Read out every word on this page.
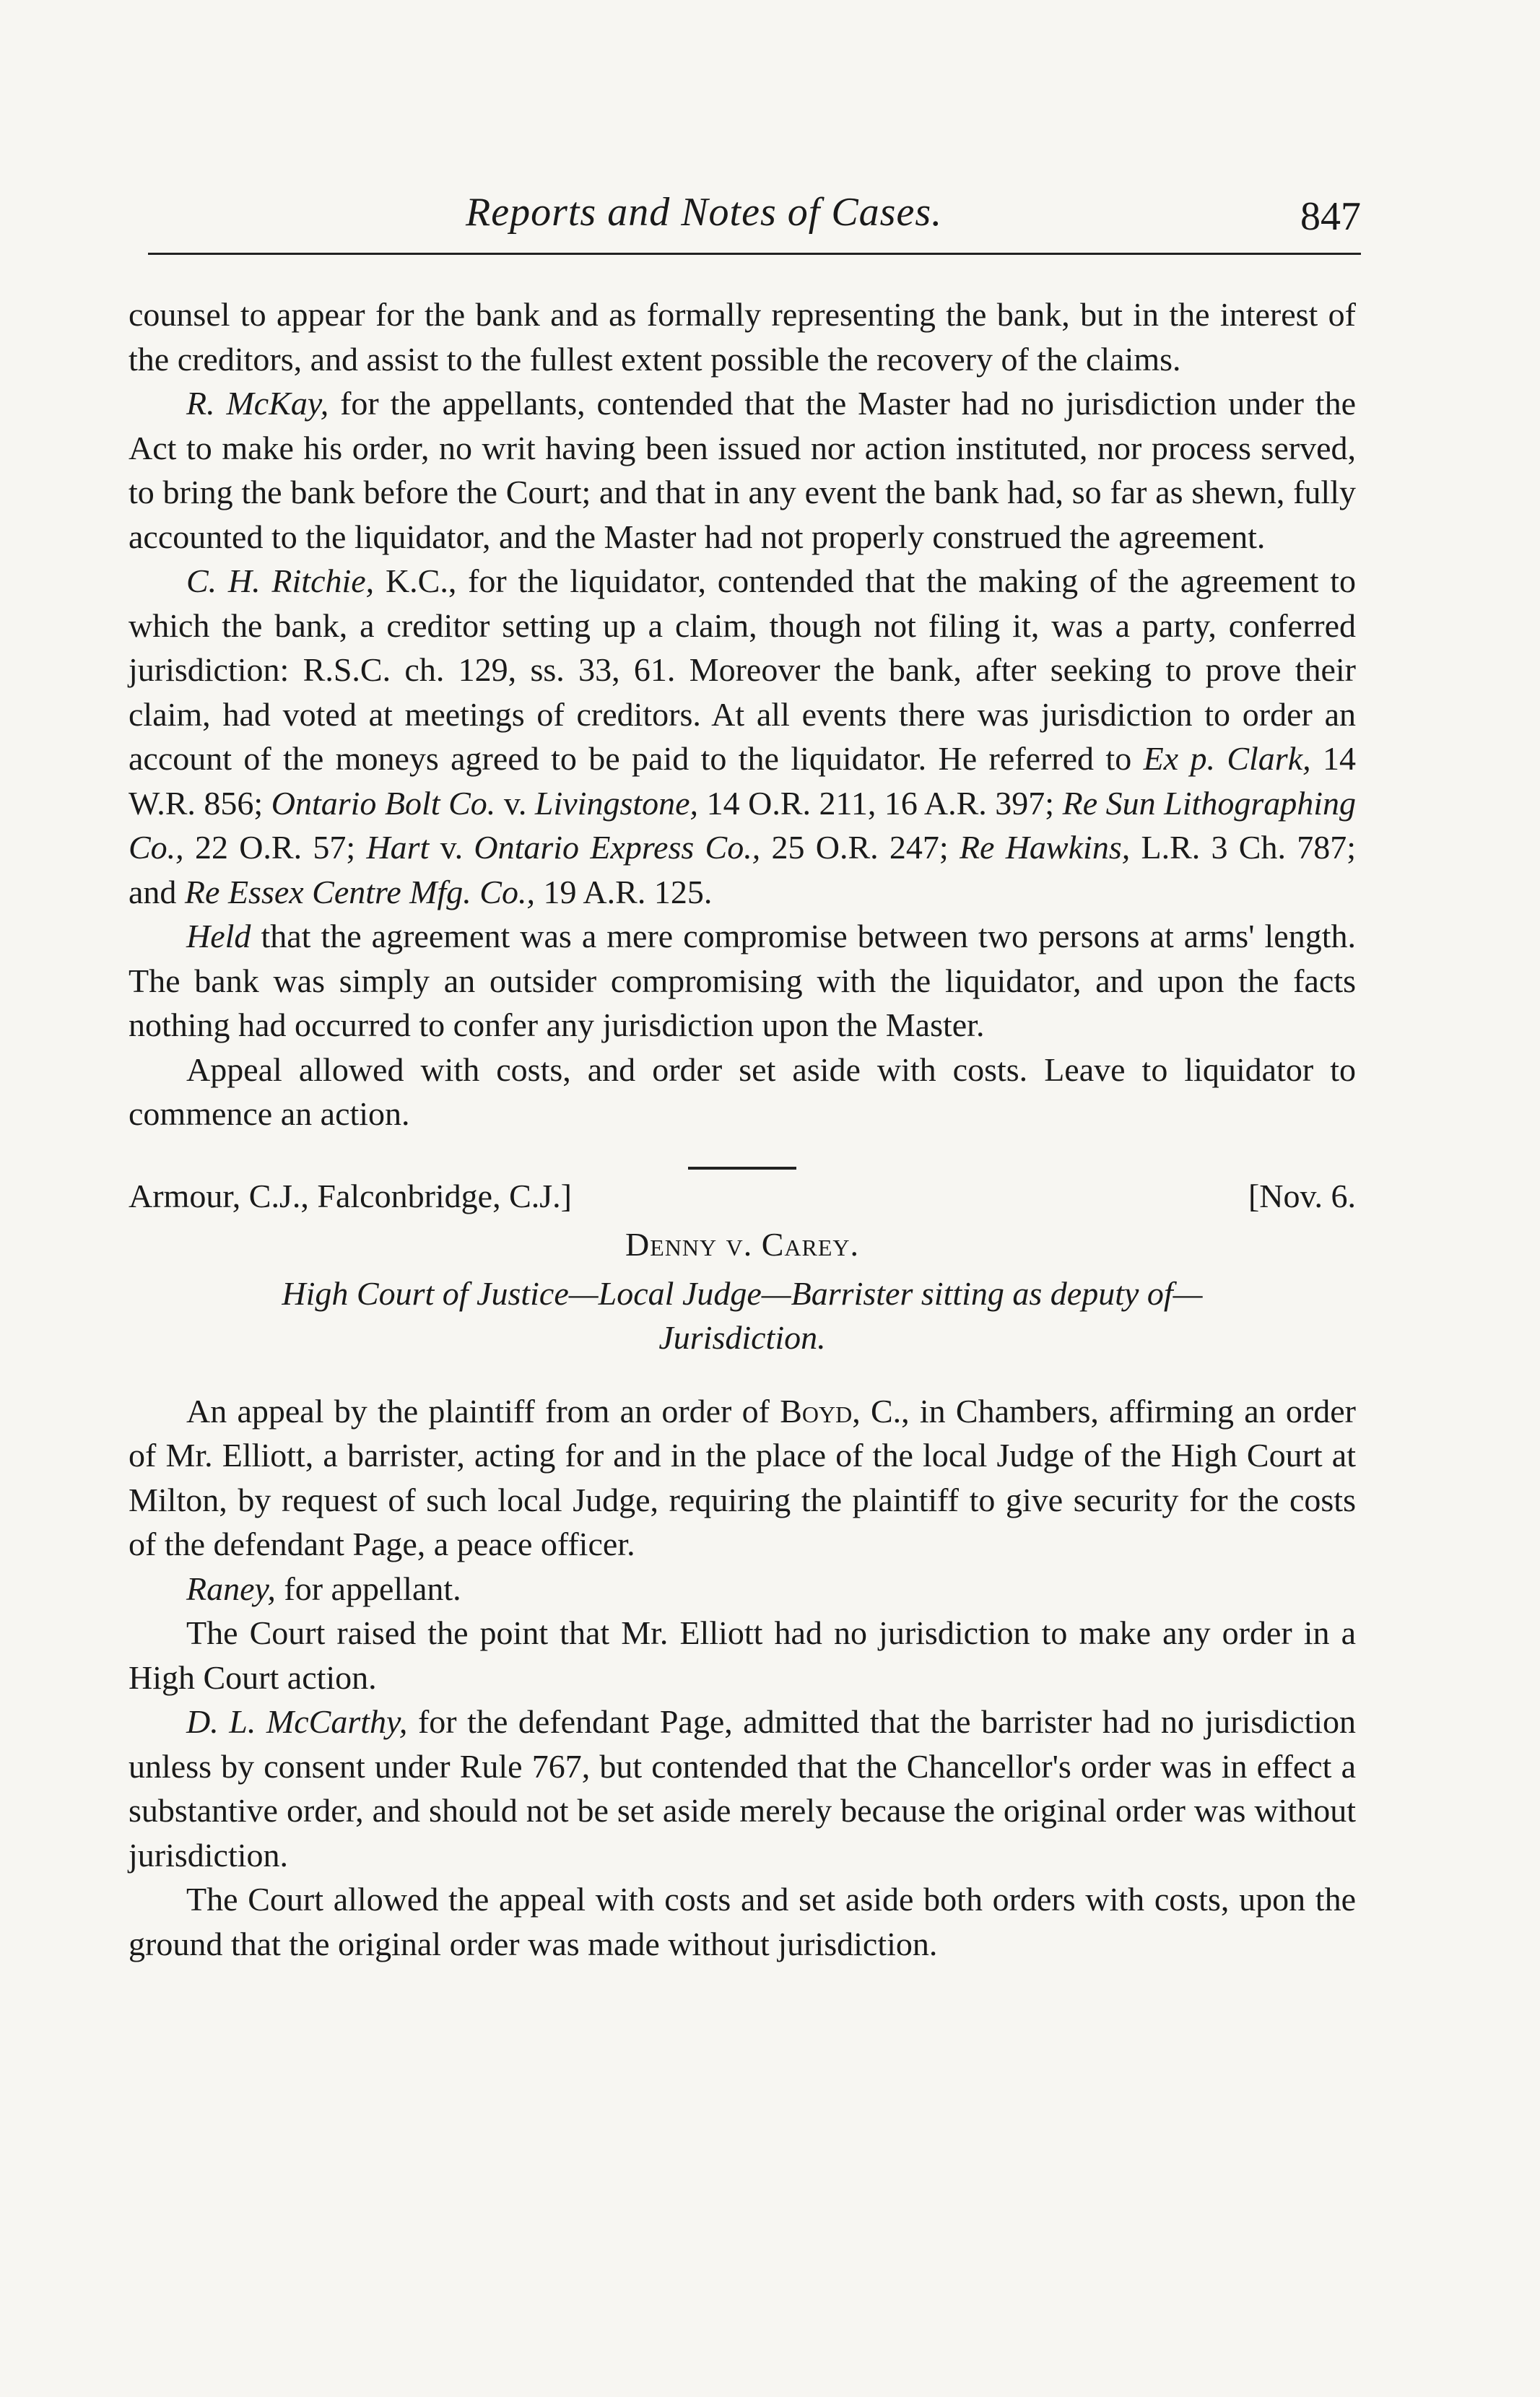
Reports and Notes of Cases.	847

counsel to appear for the bank and as formally representing the bank, but in the interest of the creditors, and assist to the fullest extent possible the recovery of the claims.

R. McKay, for the appellants, contended that the Master had no jurisdiction under the Act to make his order, no writ having been issued nor action instituted, nor process served, to bring the bank before the Court; and that in any event the bank had, so far as shewn, fully accounted to the liquidator, and the Master had not properly construed the agreement.

C. H. Ritchie, K.C., for the liquidator, contended that the making of the agreement to which the bank, a creditor setting up a claim, though not filing it, was a party, conferred jurisdiction: R.S.C. ch. 129, ss. 33, 61. Moreover the bank, after seeking to prove their claim, had voted at meetings of creditors. At all events there was jurisdiction to order an account of the moneys agreed to be paid to the liquidator. He referred to Ex p. Clark, 14 W.R. 856; Ontario Bolt Co. v. Livingstone, 14 O.R. 211, 16 A.R. 397; Re Sun Lithographing Co., 22 O.R. 57; Hart v. Ontario Express Co., 25 O.R. 247; Re Hawkins, L.R. 3 Ch. 787; and Re Essex Centre Mfg. Co., 19 A.R. 125.

Held that the agreement was a mere compromise between two persons at arms' length. The bank was simply an outsider compromising with the liquidator, and upon the facts nothing had occurred to confer any jurisdiction upon the Master.

Appeal allowed with costs, and order set aside with costs. Leave to liquidator to commence an action.

Armour, C.J., Falconbridge, C.J.]	[Nov. 6.
Denny v. Carey.
High Court of Justice—Local Judge—Barrister sitting as deputy of—
Jurisdiction.

An appeal by the plaintiff from an order of Boyd, C., in Chambers, affirming an order of Mr. Elliott, a barrister, acting for and in the place of the local Judge of the High Court at Milton, by request of such local Judge, requiring the plaintiff to give security for the costs of the defendant Page, a peace officer.

Raney, for appellant.

The Court raised the point that Mr. Elliott had no jurisdiction to make any order in a High Court action.

D. L. McCarthy, for the defendant Page, admitted that the barrister had no jurisdiction unless by consent under Rule 767, but contended that the Chancellor's order was in effect a substantive order, and should not be set aside merely because the original order was without jurisdiction.

The Court allowed the appeal with costs and set aside both orders with costs, upon the ground that the original order was made without jurisdiction.
